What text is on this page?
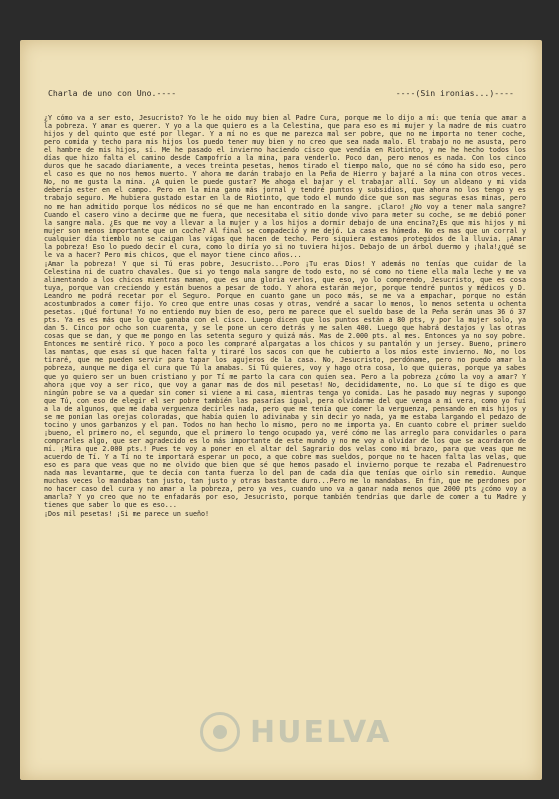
Charla de uno con Uno.----	----(Sin ironias...)----

¿Y cómo va a ser esto, Jesucristo? Yo le he oido muy bien al Padre Cura, porque me lo dijo a mí: que tenía que amar a la pobreza. Y amar es querer. Y yo a la que quiero es a la Celestina, que para eso es mi mujer y la madre de mis cuatro hijos y del quinto que esté por llegar. Y a mí no es que me parezca mal ser pobre, que no me importa no tener coche, pero comida y techo para mis hijos los puedo tener muy bien y no creo que sea nada malo. El trabajo no me asusta, pero el hambre de mis hijos, sí. Me he pasado el invierno haciendo cisco que vendía en Riotinto, y me he hecho todos los días que hizo falta el camino desde Campofrío a la mina, para venderlo. Poco dan, pero menos es nada. Con los cinco duros que he sacado diariamente, a veces treinta pesetas, hemos tirado el tiempo malo, que no sé cómo ha sido eso, pero el caso es que no nos hemos muerto. Y ahora me darán trabajo en la Peña de Hierro y bajaré a la mina con otros veces. No, no me gusta la mina. ¿A quien le puede gustar? Me ahoga el bajar y el trabajar allí. Soy un aldeano y mi vida debería ester en el campo. Pero en la mina gano más jornal y tendré puntos y subsidios, que ahora no los tengo y es trabajo seguro. Me hubiera gustado estar en la de Riotinto, que todo el mundo dice que son mas seguras esas minas, pero no me han admitido porque los médicos no sé que me han encontrado en la sangre. ¡Claro! ¿No voy a tener mala sangre? Cuando el casero vino a decirme que me fuera, que necesitaba el sitio donde vivo para meter su coche, se me debió poner la sangre mala. ¿Es que me voy a llevar a la mujer y a los hijos a dormir debajo de una encina?¿Es que mis hijos y mi mujer son menos importante que un coche? Al final se compadeció y me dejó. La casa es húmeda. No es mas que un corral y cualquier día tiemblo no se caigan las vigas que hacen de techo. Pero siquiera estamos protegidos de la lluvia. ¡Amar la pobreza! Eso lo puedo decir el cura, como lo diría yo si no tuviera hijos. Debajo de un árbol duermo y ¡hala!¿qué se le va a hacer? Pero mis chicos, que el mayor tiene cinco años...

¡Amar la pobreza! Y que si Tú eras pobre, Jesucristo...Poro ¡Tu eras Dios! Y además no tenías que cuidar de la Celestina ni de cuatro chavales. Que si yo tengo mala sangre de todo esto, no sé como no tiene ella mala leche y me va alimentando a los chicos mientras maman, que es una gloria verlos, que eso, yo lo comprendo, Jesucristo, que es cosa tuya, porque van creciendo y están buenos a pesar de todo. Y ahora estarán mejor, porque tendré puntos y médicos y D. Leandro me podrá recetar por el Seguro. Porque en cuanto gane un poco más, se me va a empachar, porque no están acostumbrados a comer fijo. Yo creo que entre unas cosas y otras, vendré a sacar lo menos, lo menos setenta u ochenta pesetas. ¡Qué fortuna! Yo no entiendo muy bien de eso, pero me parece que el sueldo base de la Peña serán unas 36 ó 37 pts. Ya es es más que lo que ganaba con el cisco. Luego dicen que los puntos están a 80 pts, y por la mujer solo, ya dan 5. Cinco por ocho son cuarenta, y se le pone un cero detrás y me salen 400. Luego que habrá destajos y las otras cosas que se dan, y que me pongo en las setenta seguro y quizá más. Mas de 2.000 pts. al mes. Entonces ya no soy pobre. Entonces me sentiré rico. Y poco a poco les compraré alpargatas a los chicos y su pantalón y un jersey. Bueno, primero las mantas, que esas sí que hacen falta y tiraré los sacos con que he cubierto a los míos este invierno. No, no los tiraré, que me pueden servir para tapar los agujeros de la casa. No, Jesucristo, perdóname, pero no puedo amar la pobreza, aunque me diga el cura que Tú la amabas. Si Tú quieres, voy y hago otra cosa, lo que quieras, porque ya sabes que yo quiero ser un buen cristiano y por Tí me parto la cara con quien sea. Pero a la pobreza ¿cómo la voy a amar? Y ahora ¡que voy a ser rico, que voy a ganar mas de dos mil pesetas! No, decididamente, no. Lo que sí te digo es que ningún pobre se va a quedar sin comer si viene a mi casa, mientras tenga yo comida. Las he pasado muy negras y supongo que Tú, con eso de elegir el ser pobre también las pasarías igual, pera olvidarme del que venga a mi vera, como yo fuí a la de algunos, que me daba verguenza decirles nada, pero que me tenía que comer la verguenza, pensando en mis hijos y se me ponían las orejas coloradas, que había quien lo adivinaba y sin decir yo nada, ya me estaba largando el pedazo de tocino y unos garbanzos y el pan. Todos no han hecho lo mismo, pero no me importa ya. En cuanto cobre el primer sueldo ¡bueno, el primero no, el segundo, que el primero lo tengo ocupado ya, veré cómo me las arreglo para convidarles o para comprarles algo, que ser agradecido es lo más importante de este mundo y no me voy a olvidar de los que se acordaron de mí. ¡Mira que 2.000 pts.! Pues te voy a poner en el altar del Sagrario dos velas como mi brazo, para que veas que me acuerdo de Tí. Y a Tí no te importará esperar un poco, a que cobre mas sueldos, porque no te hacen falta las velas, que eso es para que veas que no me olvido que bien que sé que hemos pasado el invierno porque te rezaba el Padrenuestro nada mas levantarme, que te decía con tanta fuerza lo del pan de cada día que tenías que oirlo sin remedio. Aunque muchas veces lo mandabas tan justo, tan justo y otras bastante duro...Pero me lo mandabas. En fin, que me perdones por no hacer caso del cura y no amar a la pobreza, pero ya ves, cuando uno va a ganar nada menos que 2000 pts ¿cómo voy a amarla? Y yo creo que no te enfadarás por eso, Jesucristo, porque también tendrías que darle de comer a tu Madre y tienes que saber lo que es eso...

¡Dos mil pesetas! ¡Si me parece un sueño!

HUELVA
